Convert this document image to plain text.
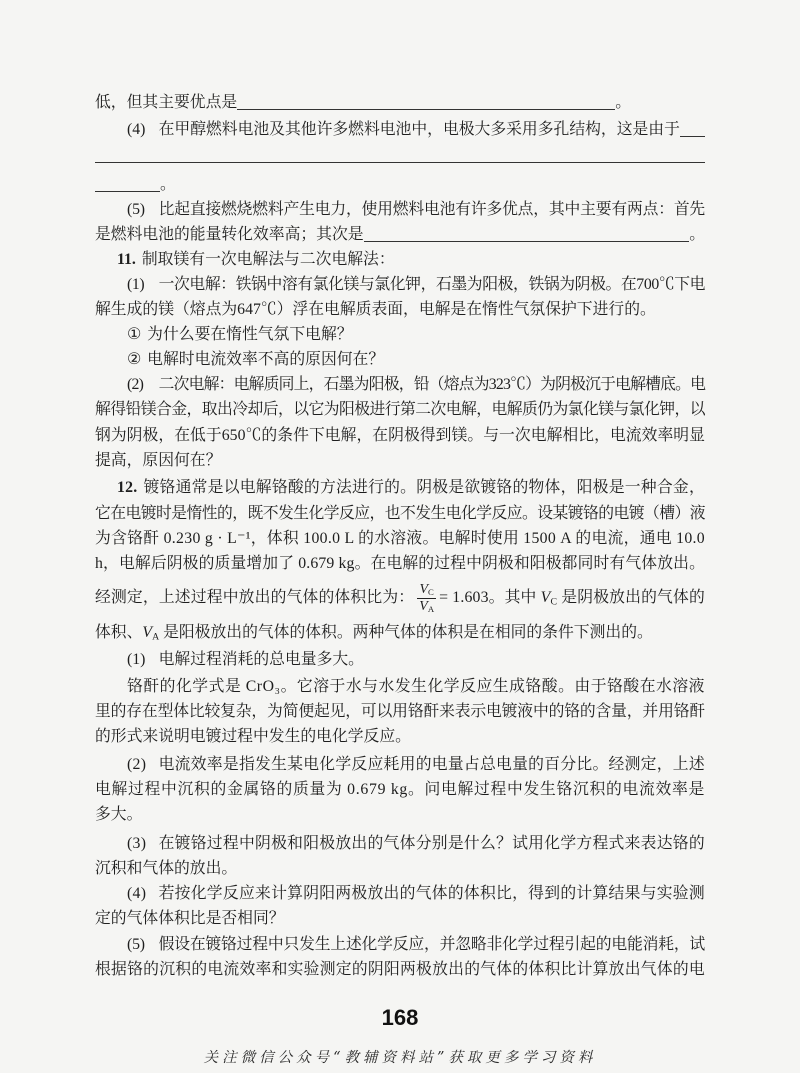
低，但其主要优点是	。
(4) 在甲醇燃料电池及其他许多燃料电池中，电极大多采用多孔结构，这是由于
。
(5) 比起直接燃烧燃料产生电力，使用燃料电池有许多优点，其中主要有两点：首先
是燃料电池的能量转化效率高；其次是	。
11. 制取镁有一次电解法与二次电解法：
(1) 一次电解：铁锅中溶有氯化镁与氯化钾，石墨为阳极，铁锅为阴极。在700℃下电
解生成的镁（熔点为647℃）浮在电解质表面，电解是在惰性气氛保护下进行的。
① 为什么要在惰性气氛下电解？
② 电解时电流效率不高的原因何在？
(2) 二次电解：电解质同上，石墨为阳极，铅（熔点为323℃）为阴极沉于电解槽底。电
解得铅镁合金，取出冷却后，以它为阳极进行第二次电解，电解质仍为氯化镁与氯化钾，以
钢为阴极，在低于650℃的条件下电解，在阴极得到镁。与一次电解相比，电流效率明显
提高，原因何在？
12. 镀铬通常是以电解铬酸的方法进行的。阴极是欲镀铬的物体，阳极是一种合金，
它在电镀时是惰性的，既不发生化学反应，也不发生电化学反应。设某镀铬的电镀（槽）液
为含铬酐 0.230 g · L⁻¹，体积 100.0 L 的水溶液。电解时使用 1500 A 的电流，通电 10.0
h，电解后阴极的质量增加了 0.679 kg。在电解的过程中阴极和阳极都同时有气体放出。
经测定，上述过程中放出的气体的体积比为： $\frac{V_C}{V_A} = 1.603$。其中 $V_C$ 是阴极放出的气体的
体积、$V_A$ 是阳极放出的气体的体积。两种气体的体积是在相同的条件下测出的。
(1) 电解过程消耗的总电量多大。
铬酐的化学式是 CrO₃。它溶于水与水发生化学反应生成铬酸。由于铬酸在水溶液
里的存在型体比较复杂，为简便起见，可以用铬酐来表示电镀液中的铬的含量，并用铬酐
的形式来说明电镀过程中发生的电化学反应。
(2) 电流效率是指发生某电化学反应耗用的电量占总电量的百分比。经测定，上述
电解过程中沉积的金属铬的质量为 0.679 kg。问电解过程中发生铬沉积的电流效率是
多大。
(3) 在镀铬过程中阴极和阳极放出的气体分别是什么？试用化学方程式来表达铬的
沉积和气体的放出。
(4) 若按化学反应来计算阴阳两极放出的气体的体积比，得到的计算结果与实验测
定的气体体积比是否相同？
(5) 假设在镀铬过程中只发生上述化学反应，并忽略非化学过程引起的电能消耗，试
根据铬的沉积的电流效率和实验测定的阴阳两极放出的气体的体积比计算放出气体的电
168
关注微信公众号“教辅资料站”获取更多学习资料
